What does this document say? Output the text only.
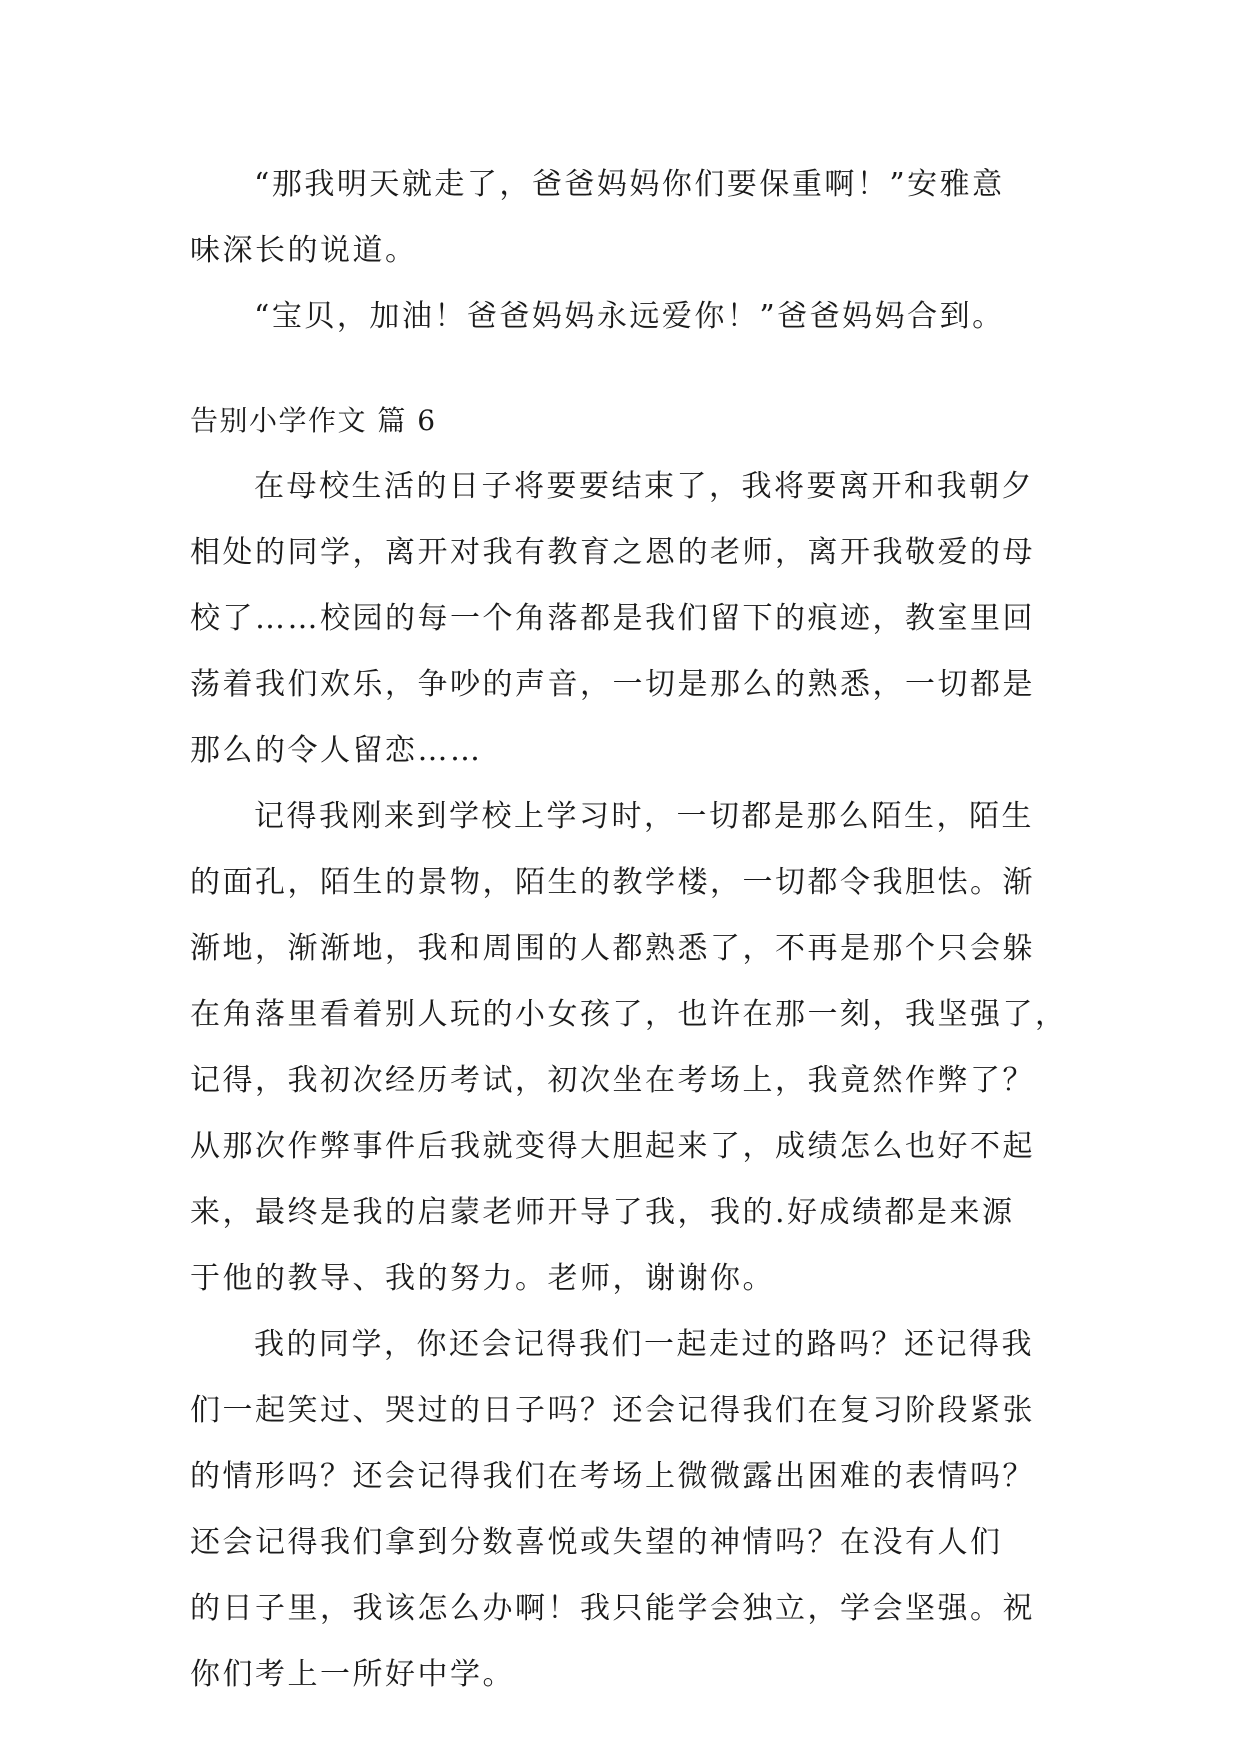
“那我明天就走了，爸爸妈妈你们要保重啊！”安雅意
味深长的说道。
“宝贝，加油！爸爸妈妈永远爱你！”爸爸妈妈合到。
告别小学作文 篇 6
在母校生活的日子将要要结束了，我将要离开和我朝夕
相处的同学，离开对我有教育之恩的老师，离开我敬爱的母
校了……校园的每一个角落都是我们留下的痕迹，教室里回
荡着我们欢乐，争吵的声音，一切是那么的熟悉，一切都是
那么的令人留恋……
记得我刚来到学校上学习时，一切都是那么陌生，陌生
的面孔，陌生的景物，陌生的教学楼，一切都令我胆怯。渐
渐地，渐渐地，我和周围的人都熟悉了，不再是那个只会躲
在角落里看着别人玩的小女孩了，也许在那一刻，我坚强了，
记得，我初次经历考试，初次坐在考场上，我竟然作弊了？
从那次作弊事件后我就变得大胆起来了，成绩怎么也好不起
来，最终是我的启蒙老师开导了我，我的.好成绩都是来源
于他的教导、我的努力。老师，谢谢你。
我的同学，你还会记得我们一起走过的路吗？还记得我
们一起笑过、哭过的日子吗？还会记得我们在复习阶段紧张
的情形吗？还会记得我们在考场上微微露出困难的表情吗？
还会记得我们拿到分数喜悦或失望的神情吗？在没有人们
的日子里，我该怎么办啊！我只能学会独立，学会坚强。祝
你们考上一所好中学。
